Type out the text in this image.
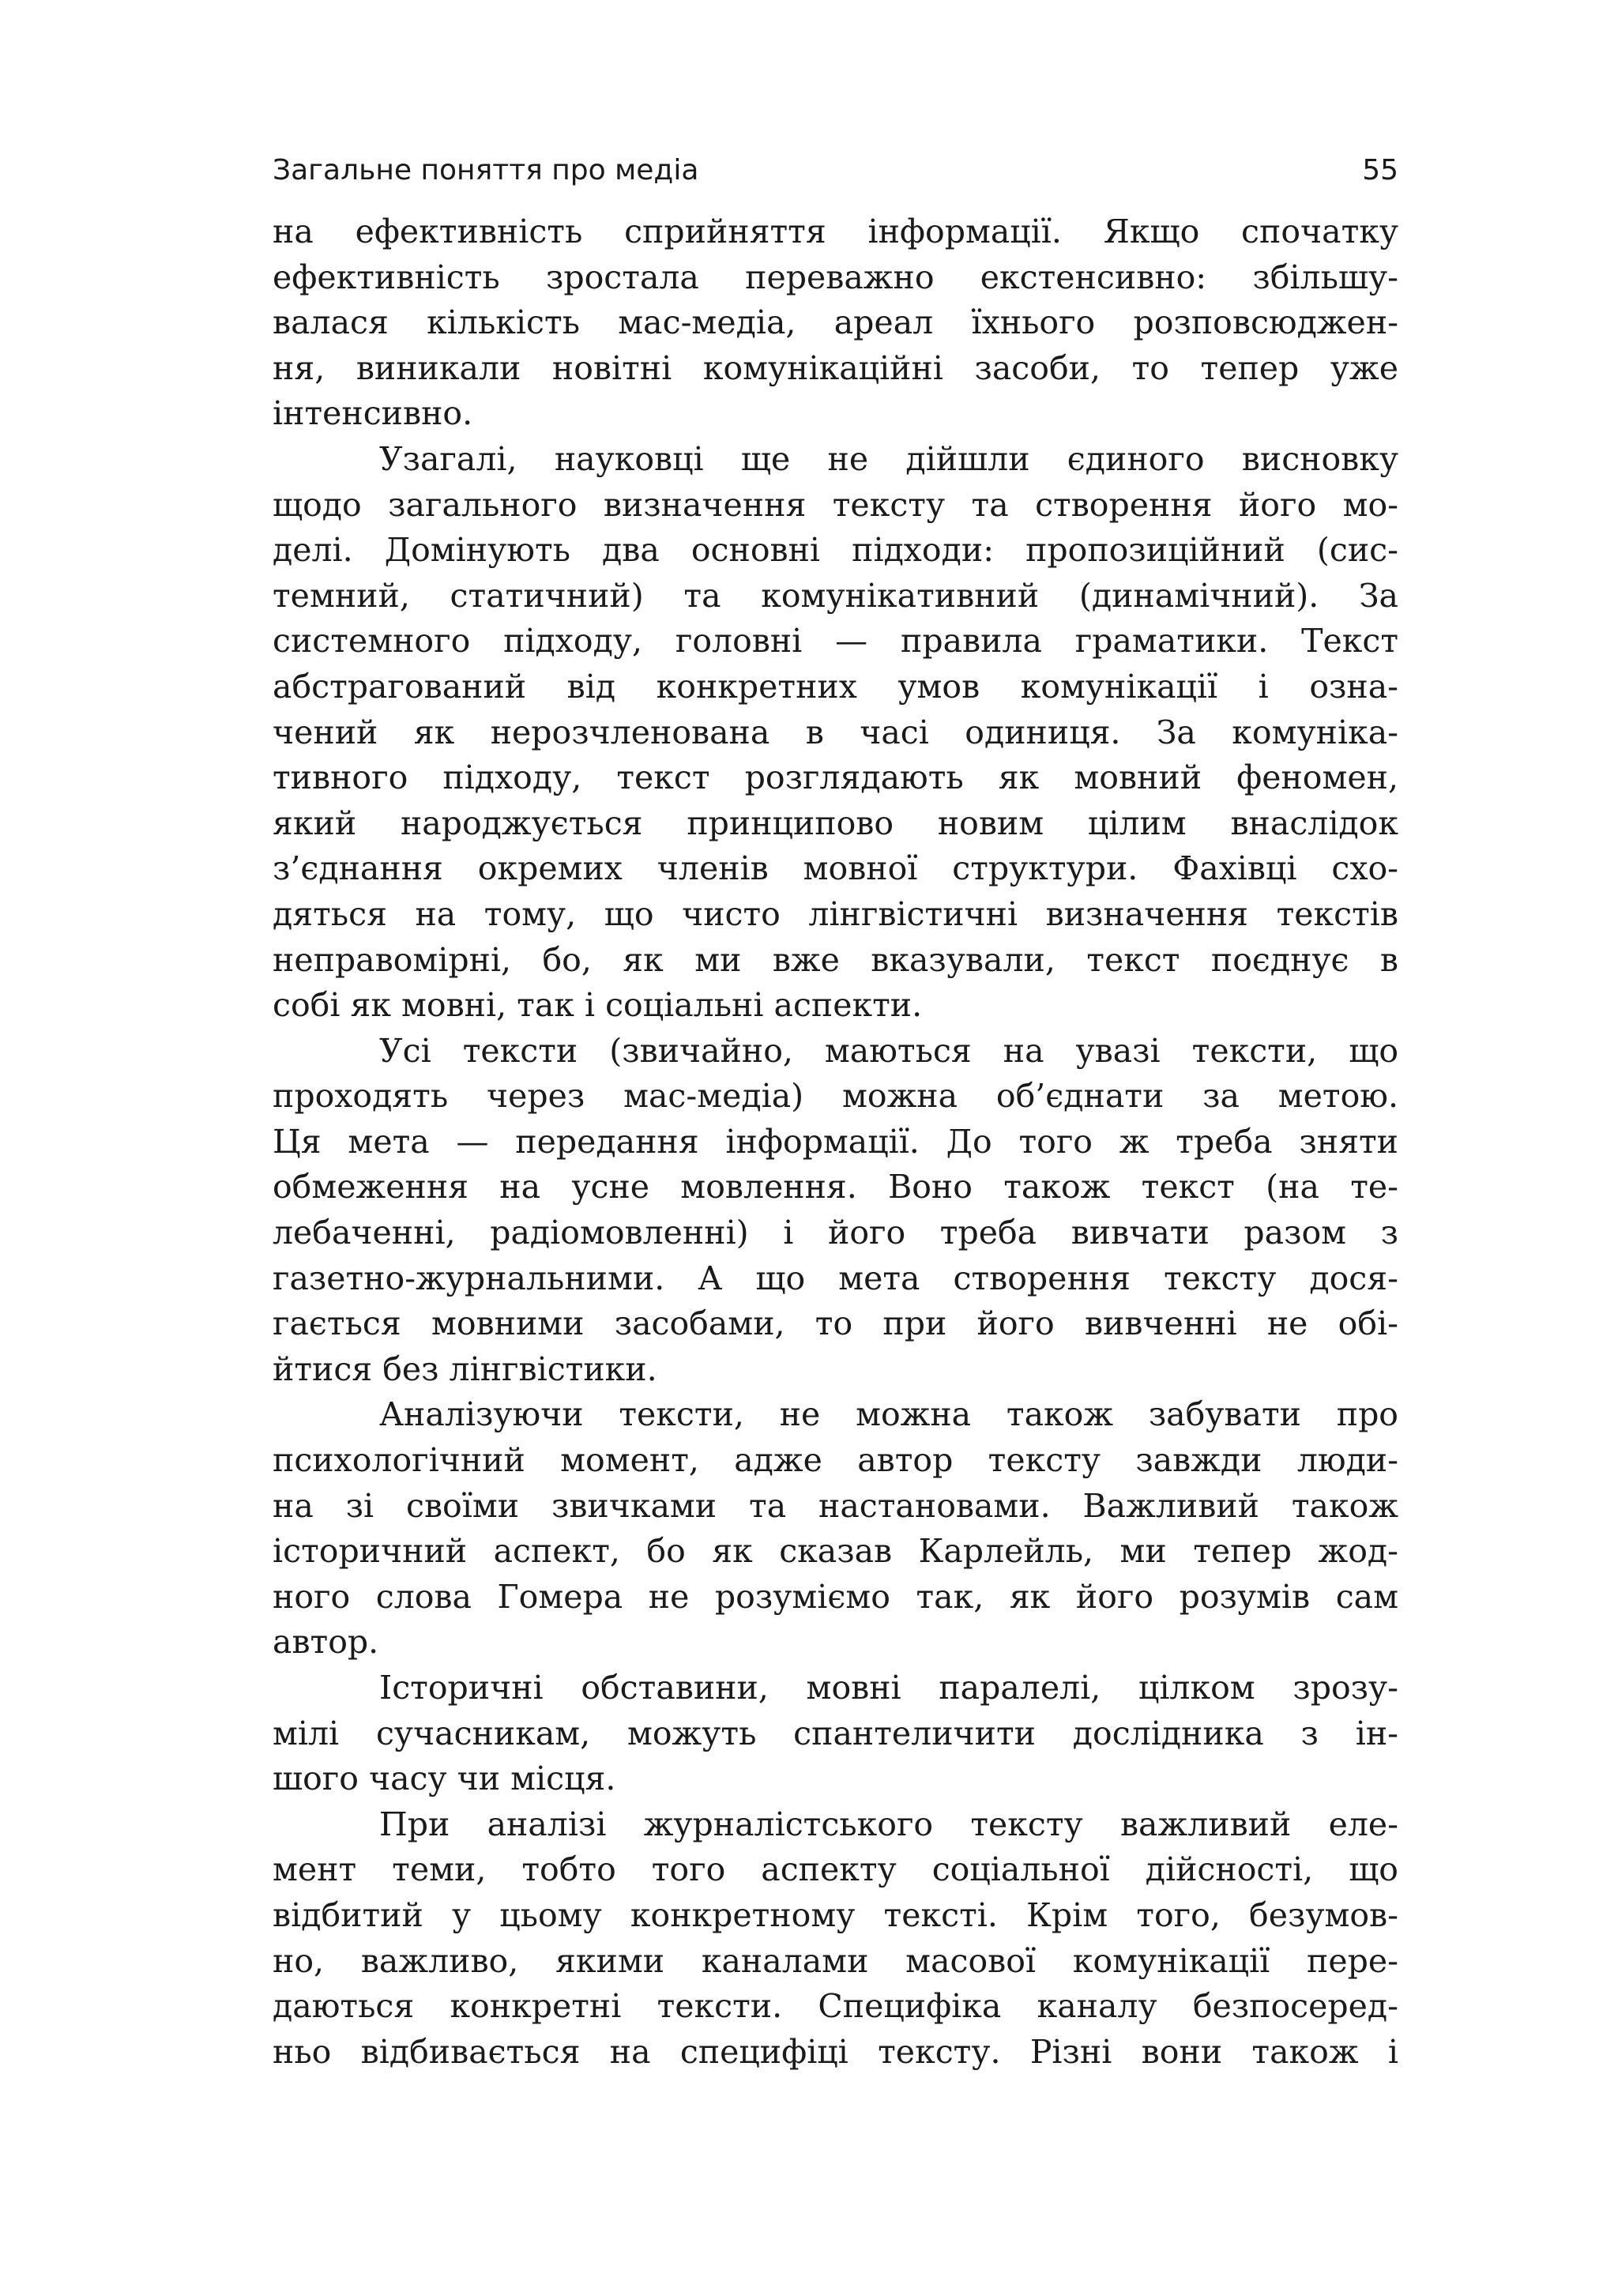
Загальне поняття про медіа	55
на ефективність сприйняття інформації. Якщо спочатку
ефективність зростала переважно екстенсивно: збільшу-
валася кількість мас-медіа, ареал їхнього розповсюджен-
ня, виникали новітні комунікаційні засоби, то тепер уже
інтенсивно.
Узагалі, науковці ще не дійшли єдиного висновку
щодо загального визначення тексту та створення його мо-
делі. Домінують два основні підходи: пропозиційний (сис-
темний, статичний) та комунікативний (динамічний). За
системного підходу, головні — правила граматики. Текст
абстрагований від конкретних умов комунікації і озна-
чений як нерозчленована в часі одиниця. За комуніка-
тивного підходу, текст розглядають як мовний феномен,
який народжується принципово новим цілим внаслідок
з’єднання окремих членів мовної структури. Фахівці схо-
дяться на тому, що чисто лінгвістичні визначення текстів
неправомірні, бо, як ми вже вказували, текст поєднує в
собі як мовні, так і соціальні аспекти.
Усі тексти (звичайно, маються на увазі тексти, що
проходять через мас-медіа) можна об’єднати за метою.
Ця мета — передання інформації. До того ж треба зняти
обмеження на усне мовлення. Воно також текст (на те-
лебаченні, радіомовленні) і його треба вивчати разом з
газетно-журнальними. А що мета створення тексту дося-
гається мовними засобами, то при його вивченні не обі-
йтися без лінгвістики.
Аналізуючи тексти, не можна також забувати про
психологічний момент, адже автор тексту завжди люди-
на зі своїми звичками та настановами. Важливий також
історичний аспект, бо як сказав Карлейль, ми тепер жод-
ного слова Гомера не розуміємо так, як його розумів сам
автор.
Історичні обставини, мовні паралелі, цілком зрозу-
мілі сучасникам, можуть спантеличити дослідника з ін-
шого часу чи місця.
При аналізі журналістського тексту важливий еле-
мент теми, тобто того аспекту соціальної дійсності, що
відбитий у цьому конкретному тексті. Крім того, безумов-
но, важливо, якими каналами масової комунікації пере-
даються конкретні тексти. Специфіка каналу безпосеред-
ньо відбивається на специфіці тексту. Різні вони також і
